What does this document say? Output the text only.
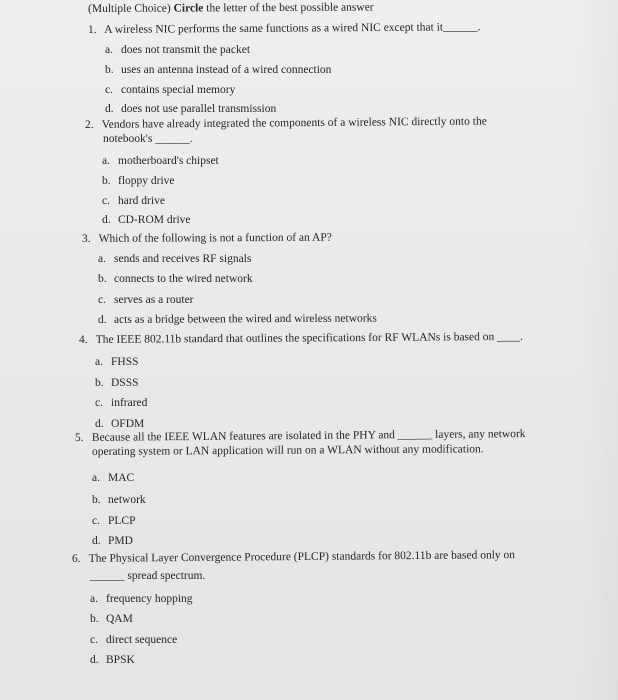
(Multiple Choice) Circle the letter of the best possible answer
1. A wireless NIC performs the same functions as a wired NIC except that it______.
a. does not transmit the packet
b. uses an antenna instead of a wired connection
c. contains special memory
d. does not use parallel transmission
2. Vendors have already integrated the components of a wireless NIC directly onto the
notebook's ______.
a. motherboard's chipset
b. floppy drive
c. hard drive
d. CD-ROM drive
3. Which of the following is not a function of an AP?
a. sends and receives RF signals
b. connects to the wired network
c. serves as a router
d. acts as a bridge between the wired and wireless networks
4. The IEEE 802.11b standard that outlines the specifications for RF WLANs is based on ____.
a. FHSS
b. DSSS
c. infrared
d. OFDM
5. Because all the IEEE WLAN features are isolated in the PHY and ______ layers, any network
operating system or LAN application will run on a WLAN without any modification.
a. MAC
b. network
c. PLCP
d. PMD
6. The Physical Layer Convergence Procedure (PLCP) standards for 802.11b are based only on
______ spread spectrum.
a. frequency hopping
b. QAM
c. direct sequence
d. BPSK
